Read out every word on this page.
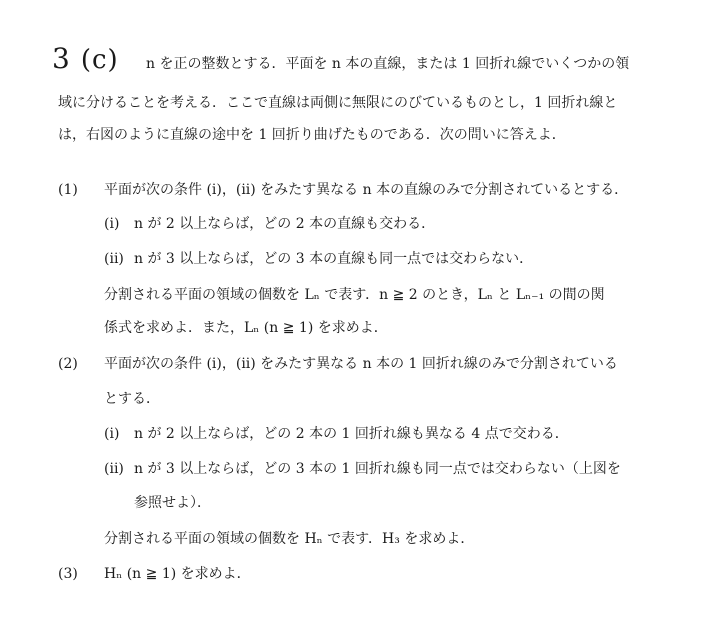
3 (c) n を正の整数とする．平面を n 本の直線，または 1 回折れ線でいくつかの領
域に分けることを考える．ここで直線は両側に無限にのびているものとし，1 回折れ線と
は，右図のように直線の途中を 1 回折り曲げたものである．次の問いに答えよ．
(1) 平面が次の条件 (i)，(ii) をみたす異なる n 本の直線のみで分割されているとする．
(i) n が 2 以上ならば，どの 2 本の直線も交わる．
(ii) n が 3 以上ならば，どの 3 本の直線も同一点では交わらない．
分割される平面の領域の個数を Lₙ で表す．n ≧ 2 のとき，Lₙ と Lₙ₋₁ の間の関
係式を求めよ．また，Lₙ (n ≧ 1) を求めよ．
(2) 平面が次の条件 (i)，(ii) をみたす異なる n 本の 1 回折れ線のみで分割されている
とする．
(i) n が 2 以上ならば，どの 2 本の 1 回折れ線も異なる 4 点で交わる．
(ii) n が 3 以上ならば，どの 3 本の 1 回折れ線も同一点では交わらない（上図を
参照せよ）．
分割される平面の領域の個数を Hₙ で表す．H₃ を求めよ．
(3) Hₙ (n ≧ 1) を求めよ．
